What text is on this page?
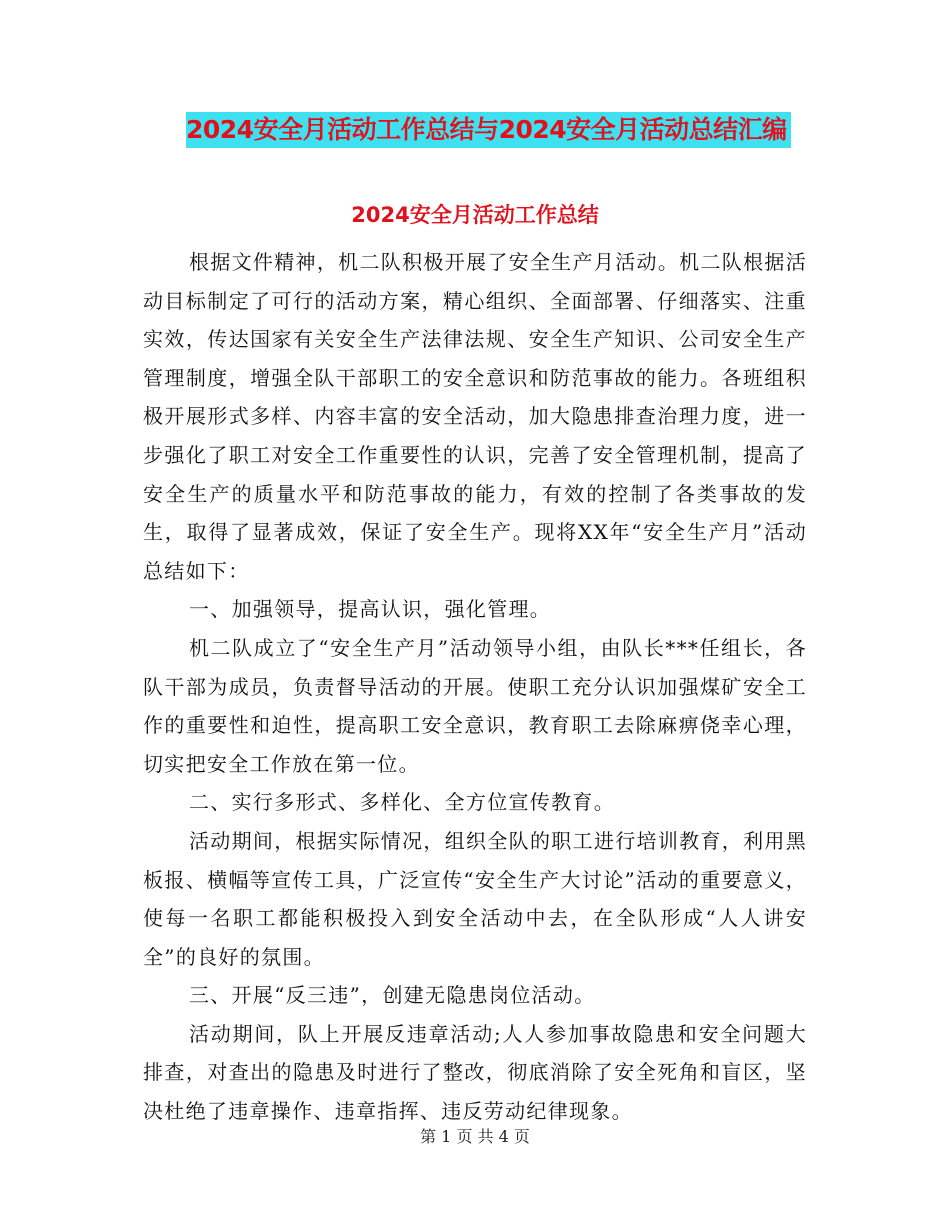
2024安全月活动工作总结与2024安全月活动总结汇编
2024安全月活动工作总结

根据文件精神，机二队积极开展了安全生产月活动。机二队根据活动目标制定了可行的活动方案，精心组织、全面部署、仔细落实、注重实效，传达国家有关安全生产法律法规、安全生产知识、公司安全生产管理制度，增强全队干部职工的安全意识和防范事故的能力。各班组积极开展形式多样、内容丰富的安全活动，加大隐患排查治理力度，进一步强化了职工对安全工作重要性的认识，完善了安全管理机制，提高了安全生产的质量水平和防范事故的能力，有效的控制了各类事故的发生，取得了显著成效，保证了安全生产。现将XX年“安全生产月”活动总结如下：

一、加强领导，提高认识，强化管理。

机二队成立了“安全生产月”活动领导小组，由队长***任组长，各队干部为成员，负责督导活动的开展。使职工充分认识加强煤矿安全工作的重要性和迫性，提高职工安全意识，教育职工去除麻痹侥幸心理，切实把安全工作放在第一位。

二、实行多形式、多样化、全方位宣传教育。

活动期间，根据实际情况，组织全队的职工进行培训教育，利用黑板报、横幅等宣传工具，广泛宣传“安全生产大讨论”活动的重要意义，使每一名职工都能积极投入到安全活动中去，在全队形成“人人讲安全”的良好的氛围。

三、开展“反三违”，创建无隐患岗位活动。

活动期间，队上开展反违章活动;人人参加事故隐患和安全问题大排查，对查出的隐患及时进行了整改，彻底消除了安全死角和盲区，坚决杜绝了违章操作、违章指挥、违反劳动纪律现象。

第 1 页 共 4 页
